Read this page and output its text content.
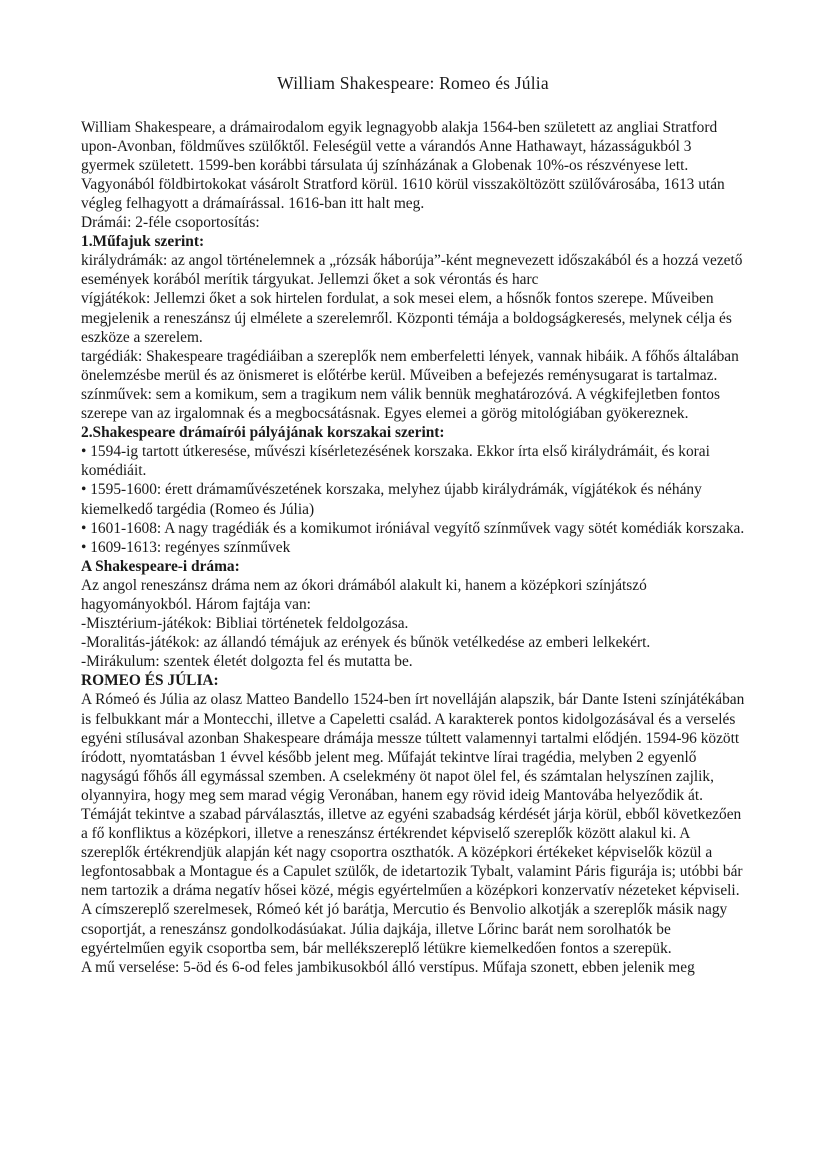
William Shakespeare: Romeo és Júlia

William Shakespeare, a drámairodalom egyik legnagyobb alakja 1564-ben született az angliai Stratford upon-Avonban, földműves szülőktől. Feleségül vette a várandós Anne Hathawayt, házasságukból 3 gyermek született. 1599-ben korábbi társulata új színházának a Globenak 10%-os részvényese lett. Vagyonából földbirtokokat vásárolt Stratford körül. 1610 körül visszaköltözött szülővárosába, 1613 után végleg felhagyott a drámaírással. 1616-ban itt halt meg.

Drámái: 2-féle csoportosítás:

1.Műfajuk szerint:

királydrámák: az angol történelemnek a „rózsák háborúja”-ként megnevezett időszakából és a hozzá vezető események korából merítik tárgyukat. Jellemzi őket a sok vérontás és harc

vígjátékok: Jellemzi őket a sok hirtelen fordulat, a sok mesei elem, a hősnők fontos szerepe. Műveiben megjelenik a reneszánsz új elmélete a szerelemről. Központi témája a boldogságkeresés, melynek célja és eszköze a szerelem.

targédiák: Shakespeare tragédiáiban a szereplők nem emberfeletti lények, vannak hibáik. A főhős általában önelemzésbe merül és az önismeret is előtérbe kerül. Műveiben a befejezés reménysugarat is tartalmaz.

színművek: sem a komikum, sem a tragikum nem válik bennük meghatározóvá. A végkifejletben fontos szerepe van az irgalomnak és a megbocsátásnak. Egyes elemei a görög mitológiában gyökereznek.

2.Shakespeare drámaírói pályájának korszakai szerint:

• 1594-ig tartott útkeresése, művészi kísérletezésének korszaka. Ekkor írta első királydrámáit, és korai komédiáit.

• 1595-1600: érett drámaművészetének korszaka, melyhez újabb királydrámák, vígjátékok és néhány kiemelkedő targédia (Romeo és Júlia)

• 1601-1608: A nagy tragédiák és a komikumot iróniával vegyítő színművek vagy sötét komédiák korszaka.

• 1609-1613: regényes színművek

A Shakespeare-i dráma:

Az angol reneszánsz dráma nem az ókori drámából alakult ki, hanem a középkori színjátszó hagyományokból. Három fajtája van:

-Misztérium-játékok: Bibliai történetek feldolgozása.

-Moralitás-játékok: az állandó témájuk az erények és bűnök vetélkedése az emberi lelkekért.

-Mirákulum: szentek életét dolgozta fel és mutatta be.

ROMEO ÉS JÚLIA:

A Rómeó és Júlia az olasz Matteo Bandello 1524-ben írt novelláján alapszik, bár Dante Isteni színjátékában is felbukkant már a Montecchi, illetve a Capeletti család. A karakterek pontos kidolgozásával és a verselés egyéni stílusával azonban Shakespeare drámája messze túltett valamennyi tartalmi elődjén. 1594-96 között íródott, nyomtatásban 1 évvel később jelent meg. Műfaját tekintve lírai tragédia, melyben 2 egyenlő nagyságú főhős áll egymással szemben. A cselekmény öt napot ölel fel, és számtalan helyszínen zajlik, olyannyira, hogy meg sem marad végig Veronában, hanem egy rövid ideig Mantovába helyeződik át. Témáját tekintve a szabad párválasztás, illetve az egyéni szabadság kérdését járja körül, ebből következően a fő konfliktus a középkori, illetve a reneszánsz értékrendet képviselő szereplők között alakul ki. A szereplők értékrendjük alapján két nagy csoportra oszthatók. A középkori értékeket képviselők közül a legfontosabbak a Montague és a Capulet szülők, de idetartozik Tybalt, valamint Páris figurája is; utóbbi bár nem tartozik a dráma negatív hősei közé, mégis egyértelműen a középkori konzervatív nézeteket képviseli. A címszereplő szerelmesek, Rómeó két jó barátja, Mercutio és Benvolio alkotják a szereplők másik nagy csoportját, a reneszánsz gondolkodásúakat. Júlia dajkája, illetve Lőrinc barát nem sorolhatók be egyértelműen egyik csoportba sem, bár mellékszereplő létükre kiemelkedően fontos a szerepük.

A mű verselése: 5-öd és 6-od feles jambikusokból álló verstípus. Műfaja szonett, ebben jelenik meg
